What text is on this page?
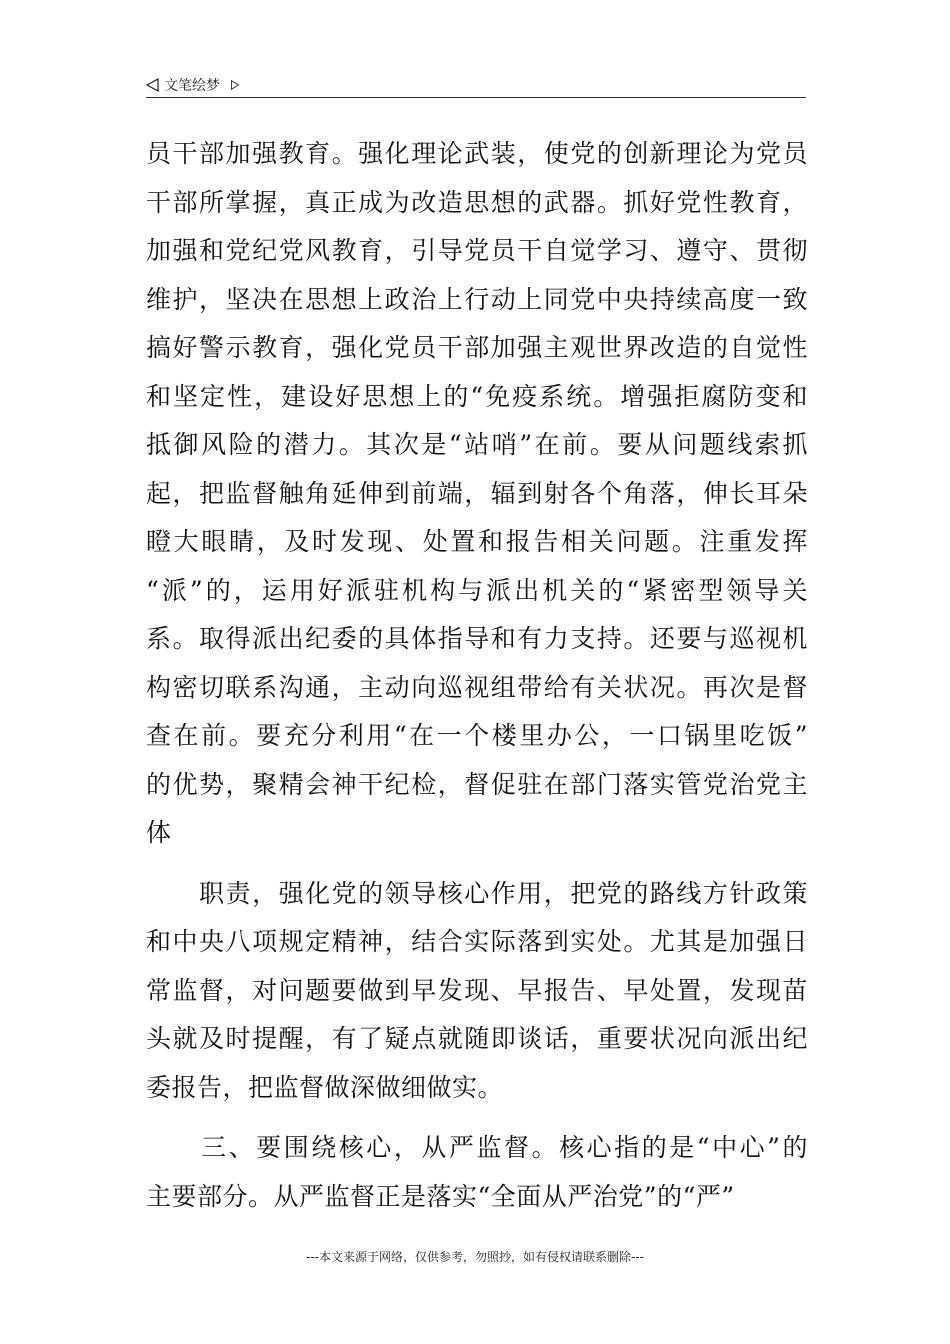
文笔绘梦
员干部加强教育。强化理论武装，使党的创新理论为党员
干部所掌握，真正成为改造思想的武器。抓好党性教育，
加强和党纪党风教育，引导党员干自觉学习、遵守、贯彻
维护，坚决在思想上政治上行动上同党中央持续高度一致
搞好警示教育，强化党员干部加强主观世界改造的自觉性
和坚定性，建设好思想上的“免疫系统。增强拒腐防变和
抵御风险的潜力。其次是“站哨”在前。要从问题线索抓
起，把监督触角延伸到前端，辐到射各个角落，伸长耳朵
瞪大眼睛，及时发现、处置和报告相关问题。注重发挥
“派”的，运用好派驻机构与派出机关的“紧密型领导关
系。取得派出纪委的具体指导和有力支持。还要与巡视机
构密切联系沟通，主动向巡视组带给有关状况。再次是督
查在前。要充分利用“在一个楼里办公，一口锅里吃饭”
的优势，聚精会神干纪检，督促驻在部门落实管党治党主
体
　　职责，强化党的领导核心作用，把党的路线方针政策
和中央八项规定精神，结合实际落到实处。尤其是加强日
常监督，对问题要做到早发现、早报告、早处置，发现苗
头就及时提醒，有了疑点就随即谈话，重要状况向派出纪
委报告，把监督做深做细做实。
　　三、要围绕核心，从严监督。核心指的是“中心”的
主要部分。从严监督正是落实“全面从严治党”的“严”
---本文来源于网络，仅供参考，勿照抄，如有侵权请联系删除---
